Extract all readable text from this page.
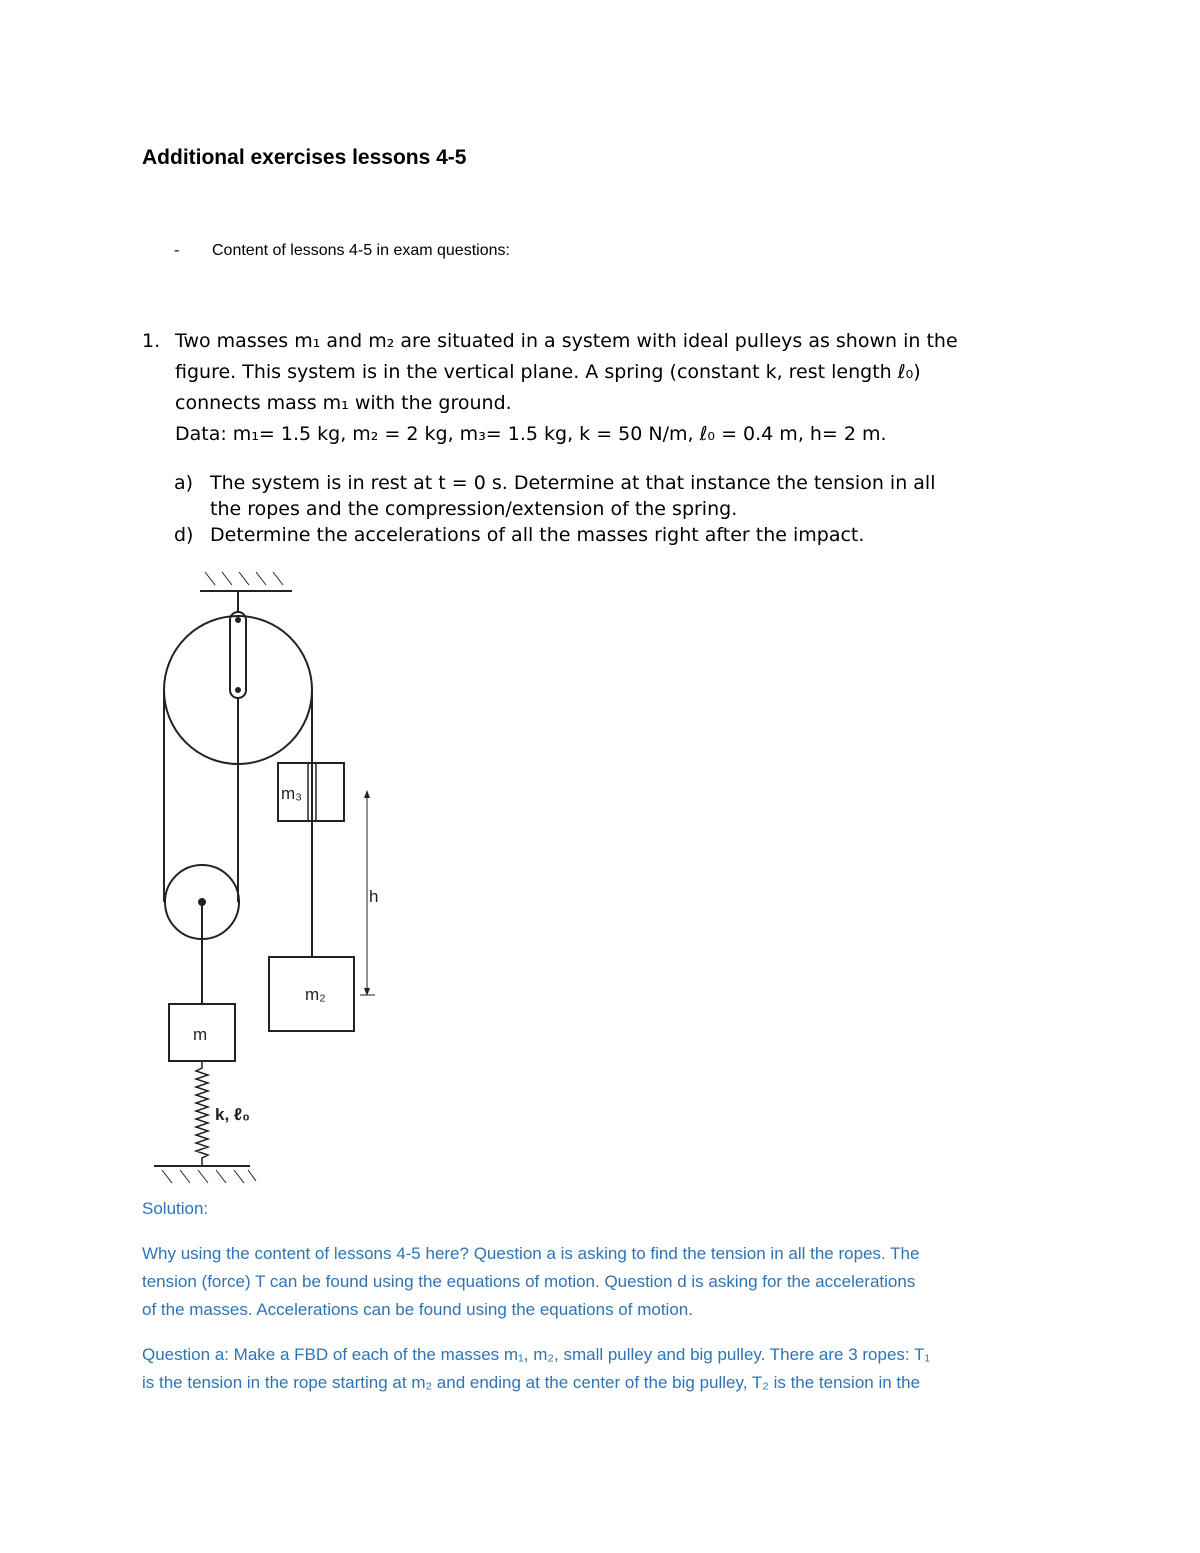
Additional exercises lessons 4-5
- Content of lessons 4-5 in exam questions:
1. Two masses m₁ and m₂ are situated in a system with ideal pulleys as shown in the
figure. This system is in the vertical plane. A spring (constant k, rest length ℓ₀)
connects mass m₁ with the ground.
Data: m₁= 1.5 kg, m₂ = 2 kg, m₃= 1.5 kg, k = 50 N/m, ℓ₀ = 0.4 m, h= 2 m.
a) The system is in rest at t = 0 s. Determine at that instance the tension in all
the ropes and the compression/extension of the spring.
d) Determine the accelerations of all the masses right after the impact.
m₃
m₂
m
h
k, ℓ₀
Solution:
Why using the content of lessons 4-5 here? Question a is asking to find the tension in all the ropes. The
tension (force) T can be found using the equations of motion. Question d is asking for the accelerations
of the masses. Accelerations can be found using the equations of motion.
Question a: Make a FBD of each of the masses m₁, m₂, small pulley and big pulley. There are 3 ropes: T₁
is the tension in the rope starting at m₂ and ending at the center of the big pulley, T₂ is the tension in the
